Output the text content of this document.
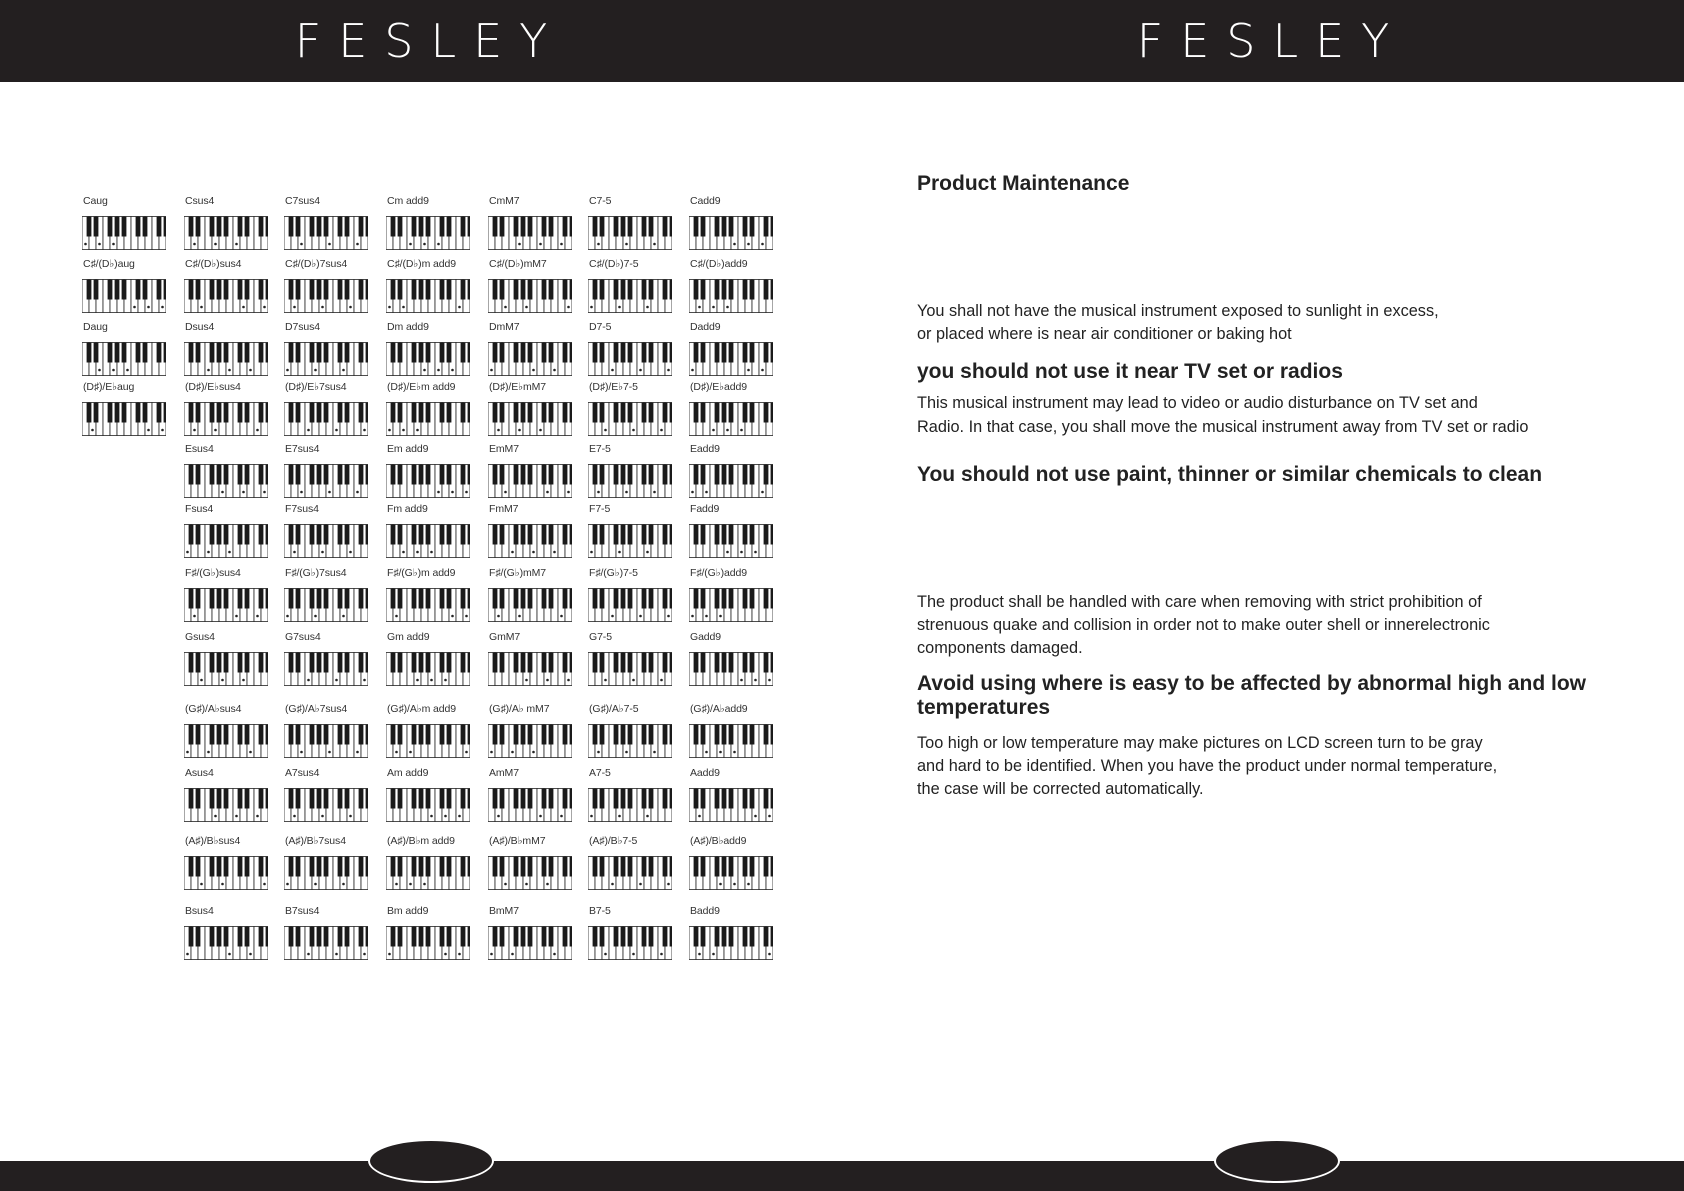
FESLEY
Caug	Csus4	C7sus4	Cm add9	CmM7	C7-5	Cadd9
C♯/(D♭)aug	C♯/(D♭)sus4	C♯/(D♭)7sus4	C♯/(D♭)m add9	C♯/(D♭)mM7	C♯/(D♭)7-5	C♯/(D♭)add9
Daug	Dsus4	D7sus4	Dm add9	DmM7	D7-5	Dadd9
(D♯)/E♭aug	(D♯)/E♭sus4	(D♯)/E♭7sus4	(D♯)/E♭m add9	(D♯)/E♭mM7	(D♯)/E♭7-5	(D♯)/E♭add9
Esus4	E7sus4	Em add9	EmM7	E7-5	Eadd9
Fsus4	F7sus4	Fm add9	FmM7	F7-5	Fadd9
F♯/(G♭)sus4	F♯/(G♭)7sus4	F♯/(G♭)m add9	F♯/(G♭)mM7	F♯/(G♭)7-5	F♯/(G♭)add9
Gsus4	G7sus4	Gm add9	GmM7	G7-5	Gadd9
(G♯)/A♭sus4	(G♯)/A♭7sus4	(G♯)/A♭m add9	(G♯)/A♭ mM7	(G♯)/A♭7-5	(G♯)/A♭add9
Asus4	A7sus4	Am add9	AmM7	A7-5	Aadd9
(A♯)/B♭sus4	(A♯)/B♭7sus4	(A♯)/B♭m add9	(A♯)/B♭mM7	(A♯)/B♭7-5	(A♯)/B♭add9
Bsus4	B7sus4	Bm add9	BmM7	B7-5	Badd9
FESLEY
Product Maintenance
You shall not have the musical instrument exposed to sunlight in excess,
or placed where is near air conditioner or baking hot
you should not use it near TV set or radios
This musical instrument may lead to video or audio disturbance on TV set and
Radio. In that case, you shall move the musical instrument away from TV set or radio
You should not use paint, thinner or similar chemicals to clean
The product shall be handled with care when removing with strict prohibition of
strenuous quake and collision in order not to make outer shell or innerelectronic
components damaged.
Avoid using where is easy to be affected by abnormal high and low
temperatures
Too high or low temperature may make pictures on LCD screen turn to be gray
and hard to be identified. When you have the product under normal temperature,
the case will be corrected automatically.
